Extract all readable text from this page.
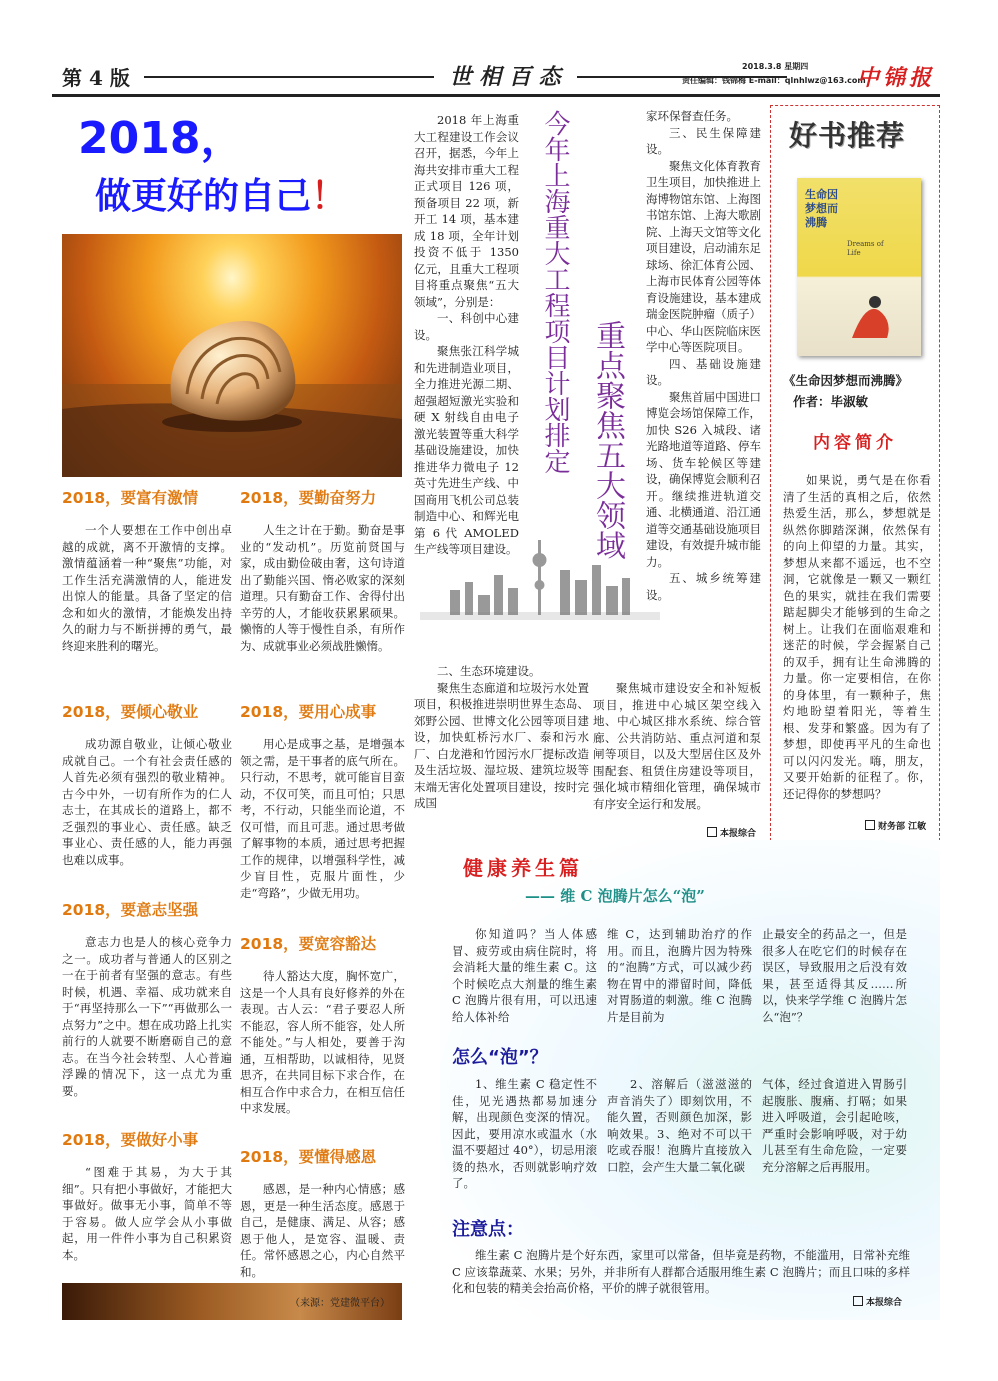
第 4 版	世 相 百 态	2018.3.8 星期四
责任编辑：钱锦梅 E-mail：qlnhlwz@163.com
中锦报
2018，
做更好的自己！
2018，要富有激情

一个人要想在工作中创出卓越的成就，离不开激情的支撑。激情蕴涵着一种“聚焦”功能，对工作生活充满激情的人，能进发出惊人的能量。具备了坚定的信念和如火的激情，才能焕发出持久的耐力与不断拼搏的勇气，最终迎来胜利的曙光。

2018，要倾心敬业

成功源自敬业，让倾心敬业成就自己。一个有社会责任感的人首先必须有强烈的敬业精神。古今中外，一切有所作为的仁人志士，在其成长的道路上，都不乏强烈的事业心、责任感。缺乏事业心、责任感的人，能力再强也难以成事。

2018，要意志坚强

意志力也是人的核心竞争力之一。成功者与普通人的区别之一在于前者有坚强的意志。有些时候，机遇、幸福、成功就来自于“再坚持那么一下”“再做那么一点努力”之中。想在成功路上扎实前行的人就要不断磨砺自己的意志。在当今社会转型、人心普遍浮躁的情况下，这一点尤为重要。

2018，要做好小事

“图难于其易，为大于其细”。只有把小事做好，才能把大事做好。做事无小事，简单不等于容易。做人应学会从小事做起，用一件件小事为自己积累资本。

2018，要勤奋努力

人生之计在于勤。勤奋是事业的“发动机”。历览前贤国与家，成由勤俭破由奢，这句诗道出了勤能兴国、惰必败家的深刻道理。只有勤奋工作、舍得付出辛劳的人，才能收获累累硕果。懒惰的人等于慢性自杀，有所作为、成就事业必须战胜懒惰。

2018，要用心成事

用心是成事之基，是增强本领之需，是干事者的底气所在。只行动，不思考，就可能盲目蛮动，不仅可笑，而且可怕；只思考，不行动，只能坐而论道，不仅可惜，而且可悲。通过思考做了解事物的本质，通过思考把握工作的规律，以增强科学性，减少盲目性，克服片面性，少走“弯路”，少做无用功。

2018，要宽容豁达

待人豁达大度，胸怀宽广，这是一个人具有良好修养的外在表现。古人云：“君子要忍人所不能忍，容人所不能容，处人所不能处。”与人相处，要善于沟通，互相帮助，以诚相待，见贤思齐，在共同目标下求合作，在相互合作中求合力，在相互信任中求发展。

2018，要懂得感恩

感恩，是一种内心情感；感恩，更是一种生活态度。感恩于自己，是健康、满足、从容；感恩于他人，是宽容、温暖、责任。常怀感恩之心，内心自然平和。

（来源：党建微平台）

2018 年上海重大工程建设工作会议召开，据悉，今年上海共安排市重大工程正式项目 126 项，预备项目 22 项，新开工 14 项，基本建成 18 项，全年计划投资不低于 1350 亿元，且重大工程项目将重点聚焦“五大领域”，分别是：

一、科创中心建设。

聚焦张江科学城和先进制造业项目，全力推进光源二期、超强超短激光实验和硬 X 射线自由电子激光装置等重大科学基础设施建设，加快推进华力微电子 12 英寸先进生产线、中国商用飞机公司总装制造中心、和辉光电第 6 代 AMOLED 生产线等项目建设。

今年上海重大工程项目计划排定 重点聚焦五大领域

二、生态环境建设。

聚焦生态廊道和垃圾污水处置项目，积极推进崇明世界生态岛、郊野公园、世博文化公园等项目建设，加快虹桥污水厂、泰和污水厂、白龙港和竹园污水厂提标改造及生活垃圾、湿垃圾、建筑垃圾等末端无害化处置项目建设，按时完成国

家环保督查任务。

三、民生保障建设。

聚焦文化体育教育卫生项目，加快推进上海博物馆东馆、上海图书馆东馆、上海大歌剧院、上海天文馆等文化项目建设，启动浦东足球场、徐汇体育公园、上海市民体育公园等体育设施建设，基本建成瑞金医院肿瘤（质子）中心、华山医院临床医学中心等医院项目。

四、基础设施建设。

聚焦首届中国进口博览会场馆保障工作，加快 S26 入城段、诸光路地道等道路、停车场、货车轮候区等建设，确保博览会顺利召开。继续推进轨道交通、北横通道、沿江通道等交通基础设施项目建设，有效提升城市能力。

五、城乡统筹建设。

聚焦城市建设安全和补短板项目，推进中心城区架空线入地、中心城区排水系统、综合管廊、公共消防站、重点河道和泵闸等项目，以及大型居住区及外围配套、租赁住房建设等项目，强化城市精细化管理，确保城市有序安全运行和发展。

本报综合
好书推荐
生命因梦想而沸腾
Dreams of Life
《生命因梦想而沸腾》
作者：毕淑敏
内容简介

如果说，勇气是在你看清了生活的真相之后，依然热爱生活，那么，梦想就是纵然你脚踏深渊，依然保有的向上仰望的力量。其实，梦想从来都不遥远，也不空洞，它就像是一颗又一颗红色的果实，就挂在我们需要踮起脚尖才能够到的生命之树上。让我们在面临艰难和迷茫的时候，学会握紧自己的双手，拥有让生命沸腾的力量。你一定要相信，在你的身体里，有一颗种子，焦灼地盼望着阳光，等着生根、发芽和繁盛。因为有了梦想，即使再平凡的生命也可以闪闪发光。嗨，朋友，又要开始新的征程了。你，还记得你的梦想吗？

财务部 江敏
健康养生篇
—— 维 C 泡腾片怎么“泡”

你知道吗？当人体感冒、疲劳或由病住院时，将会消耗大量的维生素 C。这个时候吃点大剂量的维生素 C 泡腾片很有用，可以迅速给人体补给

维 C，达到辅助治疗的作用。而且，泡腾片因为特殊的“泡腾”方式，可以减少药物在胃中的滞留时间，降低对胃肠道的刺激。维 C 泡腾片是目前为

止最安全的药品之一，但是很多人在吃它们的时候存在误区，导致服用之后没有效果，甚至适得其反……所以，快来学学维 C 泡腾片怎么“泡”？

怎么“泡”？

1、维生素 C 稳定性不佳，见光遇热都易加速分解，出现颜色变深的情况。因此，要用凉水或温水（水温不要超过 40°），切忌用滚烫的热水，否则就影响疗效了。

2、溶解后（滋滋滋的声音消失了）即刻饮用，不能久置，否则颜色加深，影响效果。3、绝对不可以干吃或吞服！泡腾片直接放入口腔，会产生大量二氧化碳

气体，经过食道进入胃肠引起腹胀、腹痛、打嗝；如果进入呼吸道，会引起呛咳，严重时会影响呼吸，对于幼儿甚至有生命危险，一定要充分溶解之后再服用。

注意点：

维生素 C 泡腾片是个好东西，家里可以常备，但毕竟是药物，不能滥用，日常补充维 C 应该靠蔬菜、水果；另外，并非所有人群都合适服用维生素 C 泡腾片；而且口味的多样化和包装的精美会抬高价格，平价的牌子就很管用。

本报综合
